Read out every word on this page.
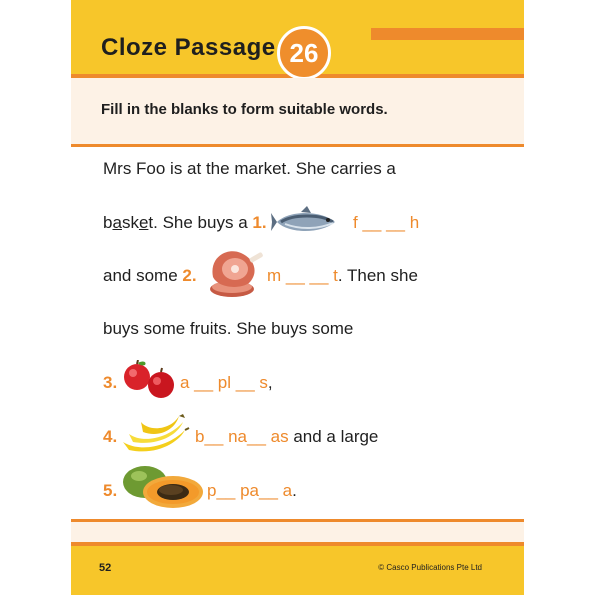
Cloze Passage 26
Fill in the blanks to form suitable words.
Mrs Foo is at the market. She carries a
basket. She buys a 1.	f __ __ h
and some 2.	m __ __ t. Then she
buys some fruits. She buys some
3.	a __ pl __ s,
4.	b__ na__ as and a large
5.	p__ pa__ a.
52	© Casco Publications Pte Ltd
